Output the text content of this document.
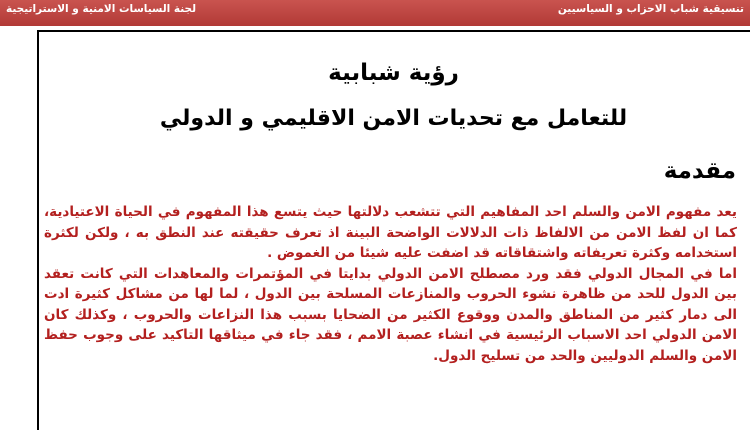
تنسيقية شباب الاحزاب و السياسيين
لجنة السياسات الامنية و الاستراتيجية
رؤية شبابية
للتعامل مع تحديات الامن الاقليمي و الدولي
مقدمة

يعد مفهوم الامن والسلم احد المفاهيم التي تتشعب دلالتها حيث يتسع هذا المفهوم في الحياة الاعتيادية، كما ان لفظ الامن من الالفاظ ذات الدلالات الواضحة البينة اذ تعرف حقيقته عند النطق به ، ولكن لكثرة استخدامه وكثرة تعريفاته واشتقاقاته قد اضفت عليه شيئا من الغموض .

اما في المجال الدولي فقد ورد مصطلح الامن الدولي بدايتا في المؤتمرات والمعاهدات التي كانت تعقد بين الدول للحد من ظاهرة نشوء الحروب والمنازعات المسلحة بين الدول ، لما لها من مشاكل كثيرة ادت الى دمار كثير من المناطق والمدن ووقوع الكثير من الضحايا بسبب هذا النزاعات والحروب ، وكذلك كان الامن الدولي احد الاسباب الرئيسية في انشاء عصبة الامم ، فقد جاء في ميثاقها التاكيد على وجوب حفظ الامن والسلم الدوليين والحد من تسليح الدول.
